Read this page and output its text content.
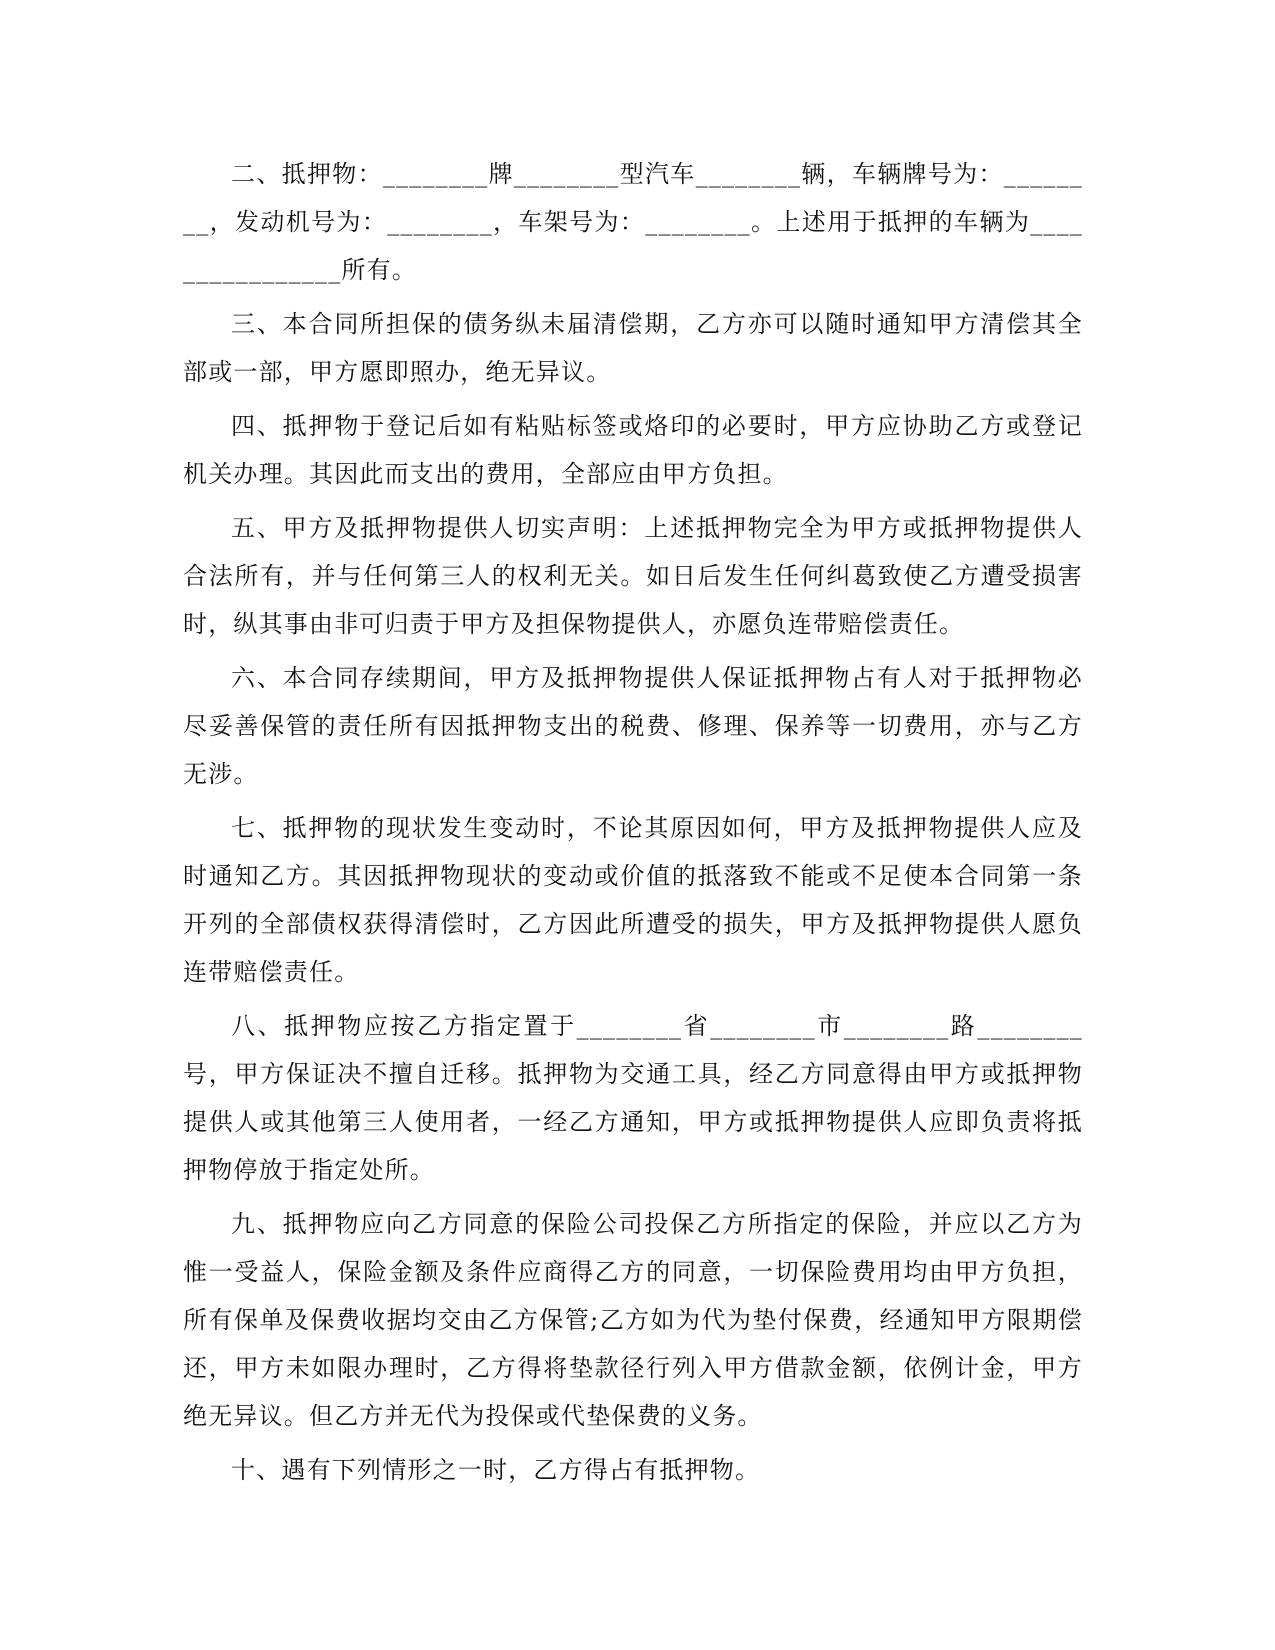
二、抵押物：________牌________型汽车________辆，车辆牌号为：________，发动机号为：________，车架号为：________。上述用于抵押的车辆为________________所有。

三、本合同所担保的债务纵未届清偿期，乙方亦可以随时通知甲方清偿其全部或一部，甲方愿即照办，绝无异议。

四、抵押物于登记后如有粘贴标签或烙印的必要时，甲方应协助乙方或登记机关办理。其因此而支出的费用，全部应由甲方负担。

五、甲方及抵押物提供人切实声明：上述抵押物完全为甲方或抵押物提供人合法所有，并与任何第三人的权利无关。如日后发生任何纠葛致使乙方遭受损害时，纵其事由非可归责于甲方及担保物提供人，亦愿负连带赔偿责任。

六、本合同存续期间，甲方及抵押物提供人保证抵押物占有人对于抵押物必尽妥善保管的责任所有因抵押物支出的税费、修理、保养等一切费用，亦与乙方无涉。

七、抵押物的现状发生变动时，不论其原因如何，甲方及抵押物提供人应及时通知乙方。其因抵押物现状的变动或价值的抵落致不能或不足使本合同第一条开列的全部债权获得清偿时，乙方因此所遭受的损失，甲方及抵押物提供人愿负连带赔偿责任。

八、抵押物应按乙方指定置于________省________市________路________号，甲方保证决不擅自迁移。抵押物为交通工具，经乙方同意得由甲方或抵押物提供人或其他第三人使用者，一经乙方通知，甲方或抵押物提供人应即负责将抵押物停放于指定处所。

九、抵押物应向乙方同意的保险公司投保乙方所指定的保险，并应以乙方为惟一受益人，保险金额及条件应商得乙方的同意，一切保险费用均由甲方负担，所有保单及保费收据均交由乙方保管;乙方如为代为垫付保费，经通知甲方限期偿还，甲方未如限办理时，乙方得将垫款径行列入甲方借款金额，依例计金，甲方绝无异议。但乙方并无代为投保或代垫保费的义务。

十、遇有下列情形之一时，乙方得占有抵押物。
